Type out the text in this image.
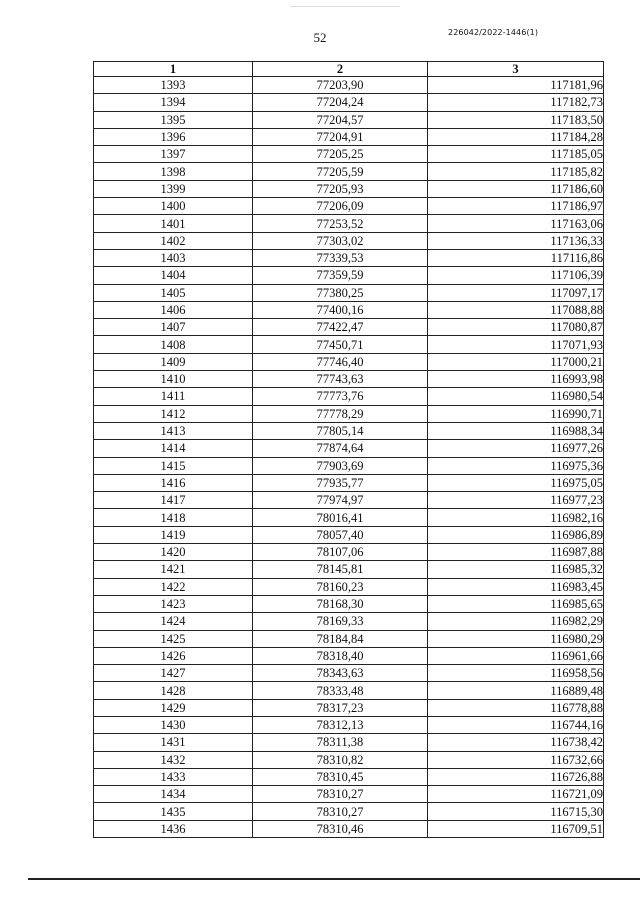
52	226042/2022-1446(1)
1	2	3
1393	77203,90	117181,96
1394	77204,24	117182,73
1395	77204,57	117183,50
1396	77204,91	117184,28
1397	77205,25	117185,05
1398	77205,59	117185,82
1399	77205,93	117186,60
1400	77206,09	117186,97
1401	77253,52	117163,06
1402	77303,02	117136,33
1403	77339,53	117116,86
1404	77359,59	117106,39
1405	77380,25	117097,17
1406	77400,16	117088,88
1407	77422,47	117080,87
1408	77450,71	117071,93
1409	77746,40	117000,21
1410	77743,63	116993,98
1411	77773,76	116980,54
1412	77778,29	116990,71
1413	77805,14	116988,34
1414	77874,64	116977,26
1415	77903,69	116975,36
1416	77935,77	116975,05
1417	77974,97	116977,23
1418	78016,41	116982,16
1419	78057,40	116986,89
1420	78107,06	116987,88
1421	78145,81	116985,32
1422	78160,23	116983,45
1423	78168,30	116985,65
1424	78169,33	116982,29
1425	78184,84	116980,29
1426	78318,40	116961,66
1427	78343,63	116958,56
1428	78333,48	116889,48
1429	78317,23	116778,88
1430	78312,13	116744,16
1431	78311,38	116738,42
1432	78310,82	116732,66
1433	78310,45	116726,88
1434	78310,27	116721,09
1435	78310,27	116715,30
1436	78310,46	116709,51
